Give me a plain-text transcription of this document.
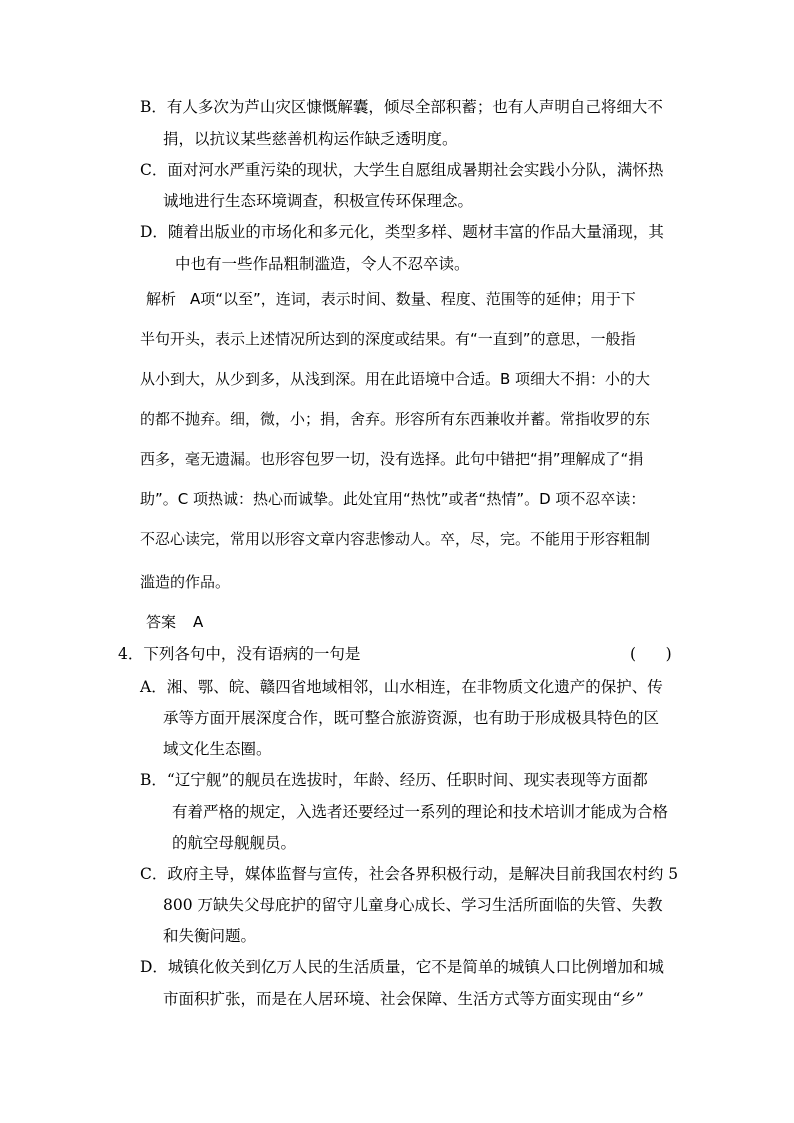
B．有人多次为芦山灾区慷慨解囊，倾尽全部积蓄；也有人声明自己将细大不
捐，以抗议某些慈善机构运作缺乏透明度。
C．面对河水严重污染的现状，大学生自愿组成暑期社会实践小分队，满怀热
诚地进行生态环境调查，积极宣传环保理念。
D．随着出版业的市场化和多元化，类型多样、题材丰富的作品大量涌现，其
中也有一些作品粗制滥造，令人不忍卒读。
解析 A项“以至”，连词，表示时间、数量、程度、范围等的延伸；用于下
半句开头，表示上述情况所达到的深度或结果。有“一直到”的意思，一般指
从小到大，从少到多，从浅到深。用在此语境中合适。B 项细大不捐：小的大
的都不抛弃。细，微，小；捐，舍弃。形容所有东西兼收并蓄。常指收罗的东
西多，毫无遗漏。也形容包罗一切，没有选择。此句中错把“捐”理解成了“捐
助”。C 项热诚：热心而诚挚。此处宜用“热忱”或者“热情”。D 项不忍卒读：
不忍心读完，常用以形容文章内容悲惨动人。卒，尽，完。不能用于形容粗制
滥造的作品。
答案 A
4．下列各句中，没有语病的一句是	(      )
A．湘、鄂、皖、赣四省地域相邻，山水相连，在非物质文化遗产的保护、传
承等方面开展深度合作，既可整合旅游资源，也有助于形成极具特色的区
域文化生态圈。
B．“辽宁舰”的舰员在选拔时，年龄、经历、任职时间、现实表现等方面都
有着严格的规定，入选者还要经过一系列的理论和技术培训才能成为合格
的航空母舰舰员。
C．政府主导，媒体监督与宣传，社会各界积极行动，是解决目前我国农村约 5
800 万缺失父母庇护的留守儿童身心成长、学习生活所面临的失管、失教
和失衡问题。
D．城镇化攸关到亿万人民的生活质量，它不是简单的城镇人口比例增加和城
市面积扩张，而是在人居环境、社会保障、生活方式等方面实现由“乡”
